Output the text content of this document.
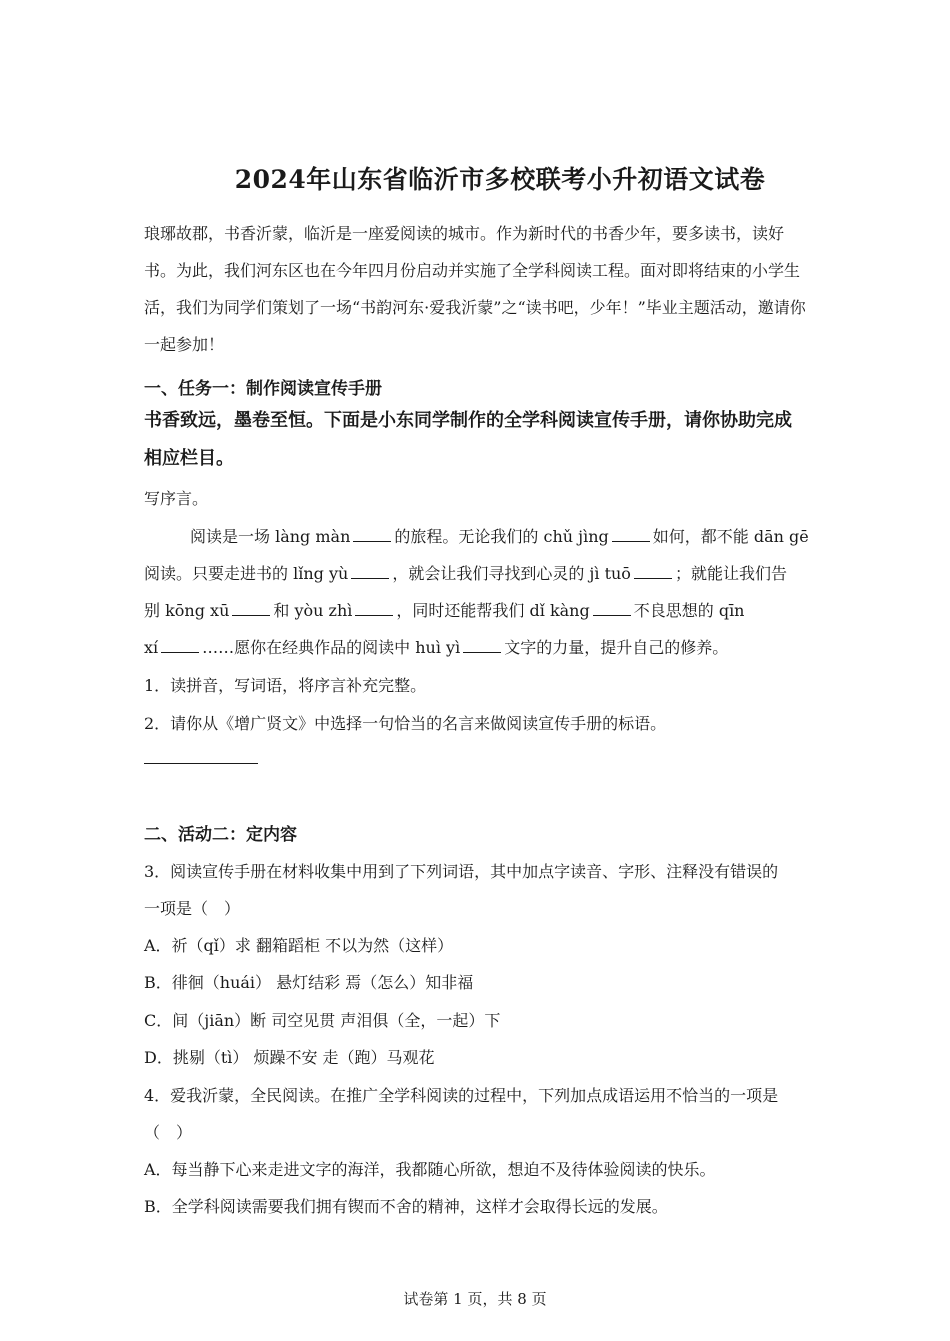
2024年山东省临沂市多校联考小升初语文试卷
琅琊故郡，书香沂蒙，临沂是一座爱阅读的城市。作为新时代的书香少年，要多读书，读好书。为此，我们河东区也在今年四月份启动并实施了全学科阅读工程。面对即将结束的小学生活，我们为同学们策划了一场“书韵河东·爱我沂蒙”之“读书吧，少年！”毕业主题活动，邀请你一起参加！
一、任务一：制作阅读宣传手册
书香致远，墨卷至恒。下面是小东同学制作的全学科阅读宣传手册，请你协助完成相应栏目。
写序言。
阅读是一场 làng màn	的旅程。无论我们的 chǔ jìng	如何，都不能 dān gē
阅读。只要走进书的 lǐng yù	，就会让我们寻找到心灵的 jì tuō	；就能让我们告
别 kōng xū	和 yòu zhì	，同时还能帮我们 dǐ kàng	不良思想的 qīn
xí	……愿你在经典作品的阅读中 huì yì	文字的力量，提升自己的修养。
1．读拼音，写词语，将序言补充完整。
2．请你从《增广贤文》中选择一句恰当的名言来做阅读宣传手册的标语。
二、活动二：定内容
3．阅读宣传手册在材料收集中用到了下列词语，其中加点字读音、字形、注释没有错误的
一项是（　）
A．祈（qǐ）求 翻箱蹈柜 不以为然（这样）
B．徘徊（huái） 悬灯结彩 焉（怎么）知非福
C．间（jiān）断 司空见贯 声泪俱（全，一起）下
D．挑剔（tì） 烦躁不安 走（跑）马观花
4．爱我沂蒙，全民阅读。在推广全学科阅读的过程中，下列加点成语运用不恰当的一项是
（　）
A．每当静下心来走进文字的海洋，我都随心所欲，想迫不及待体验阅读的快乐。
B．全学科阅读需要我们拥有锲而不舍的精神，这样才会取得长远的发展。
试卷第 1 页，共 8 页
